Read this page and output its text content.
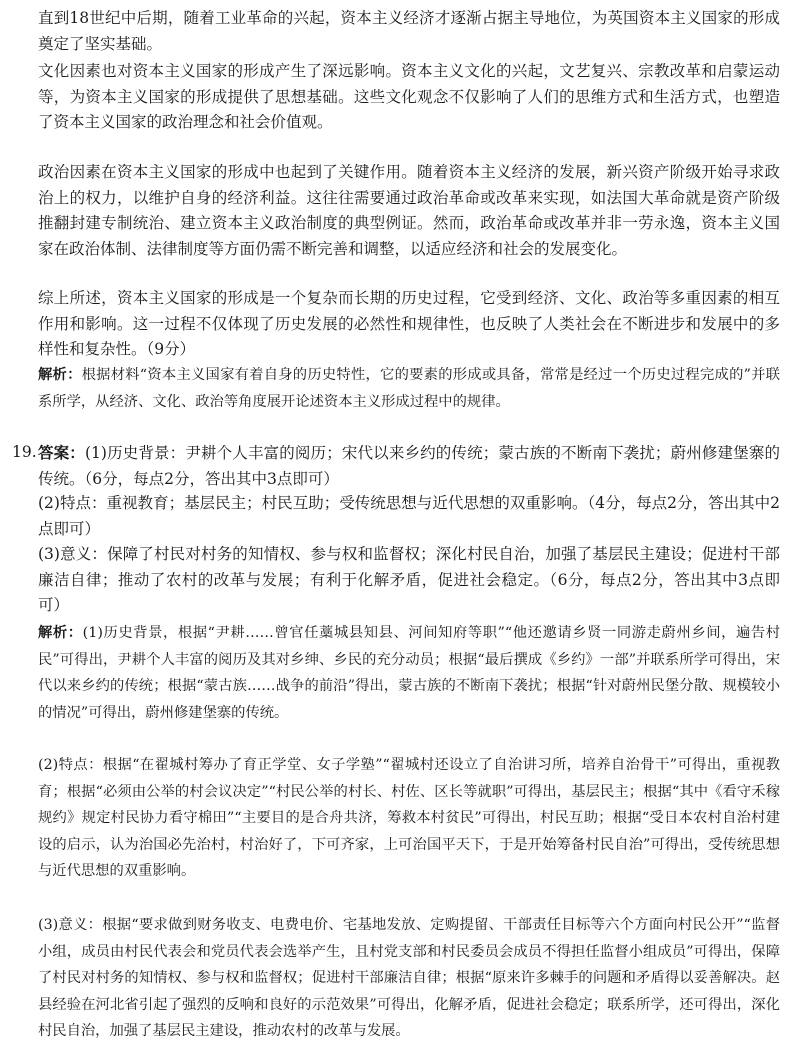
直到18世纪中后期，随着工业革命的兴起，资本主义经济才逐渐占据主导地位，为英国资本主义国家的形成奠定了坚实基础。

文化因素也对资本主义国家的形成产生了深远影响。资本主义文化的兴起，文艺复兴、宗教改革和启蒙运动等，为资本主义国家的形成提供了思想基础。这些文化观念不仅影响了人们的思维方式和生活方式，也塑造了资本主义国家的政治理念和社会价值观。

政治因素在资本主义国家的形成中也起到了关键作用。随着资本主义经济的发展，新兴资产阶级开始寻求政治上的权力，以维护自身的经济利益。这往往需要通过政治革命或改革来实现，如法国大革命就是资产阶级推翻封建专制统治、建立资本主义政治制度的典型例证。然而，政治革命或改革并非一劳永逸，资本主义国家在政治体制、法律制度等方面仍需不断完善和调整，以适应经济和社会的发展变化。

综上所述，资本主义国家的形成是一个复杂而长期的历史过程，它受到经济、文化、政治等多重因素的相互作用和影响。这一过程不仅体现了历史发展的必然性和规律性，也反映了人类社会在不断进步和发展中的多样性和复杂性。（9分）

解析：根据材料“资本主义国家有着自身的历史特性，它的要素的形成或具备，常常是经过一个历史过程完成的”并联系所学，从经济、文化、政治等角度展开论述资本主义形成过程中的规律。

19. 答案：(1)历史背景：尹耕个人丰富的阅历；宋代以来乡约的传统；蒙古族的不断南下袭扰；蔚州修建堡寨的传统。（6分，每点2分，答出其中3点即可）

(2)特点：重视教育；基层民主；村民互助；受传统思想与近代思想的双重影响。（4分，每点2分，答出其中2点即可）

(3)意义：保障了村民对村务的知情权、参与权和监督权；深化村民自治，加强了基层民主建设；促进村干部廉洁自律；推动了农村的改革与发展；有利于化解矛盾，促进社会稳定。（6分，每点2分，答出其中3点即可）

解析：(1)历史背景，根据“尹耕……曾官任藁城县知县、河间知府等职”“他还邀请乡贤一同游走蔚州乡间，遍告村民”可得出，尹耕个人丰富的阅历及其对乡绅、乡民的充分动员；根据“最后撰成《乡约》一部”并联系所学可得出，宋代以来乡约的传统；根据“蒙古族……战争的前沿”得出，蒙古族的不断南下袭扰；根据“针对蔚州民堡分散、规模较小的情况”可得出，蔚州修建堡寨的传统。

(2)特点：根据“在翟城村筹办了育正学堂、女子学塾”“翟城村还设立了自治讲习所，培养自治骨干”可得出，重视教育；根据“必须由公举的村会议决定”“村民公举的村长、村佐、区长等就职”可得出，基层民主；根据“其中《看守禾稼规约》规定村民协力看守棉田”“主要目的是合舟共济，筹救本村贫民”可得出，村民互助；根据“受日本农村自治村建设的启示，认为治国必先治村，村治好了，下可齐家，上可治国平天下，于是开始筹备村民自治”可得出，受传统思想与近代思想的双重影响。

(3)意义：根据“要求做到财务收支、电费电价、宅基地发放、定购提留、干部责任目标等六个方面向村民公开”“监督小组，成员由村民代表会和党员代表会选举产生，且村党支部和村民委员会成员不得担任监督小组成员”可得出，保障了村民对村务的知情权、参与权和监督权；促进村干部廉洁自律；根据“原来许多棘手的问题和矛盾得以妥善解决。赵县经验在河北省引起了强烈的反响和良好的示范效果”可得出，化解矛盾，促进社会稳定；联系所学，还可得出，深化村民自治，加强了基层民主建设，推动农村的改革与发展。
